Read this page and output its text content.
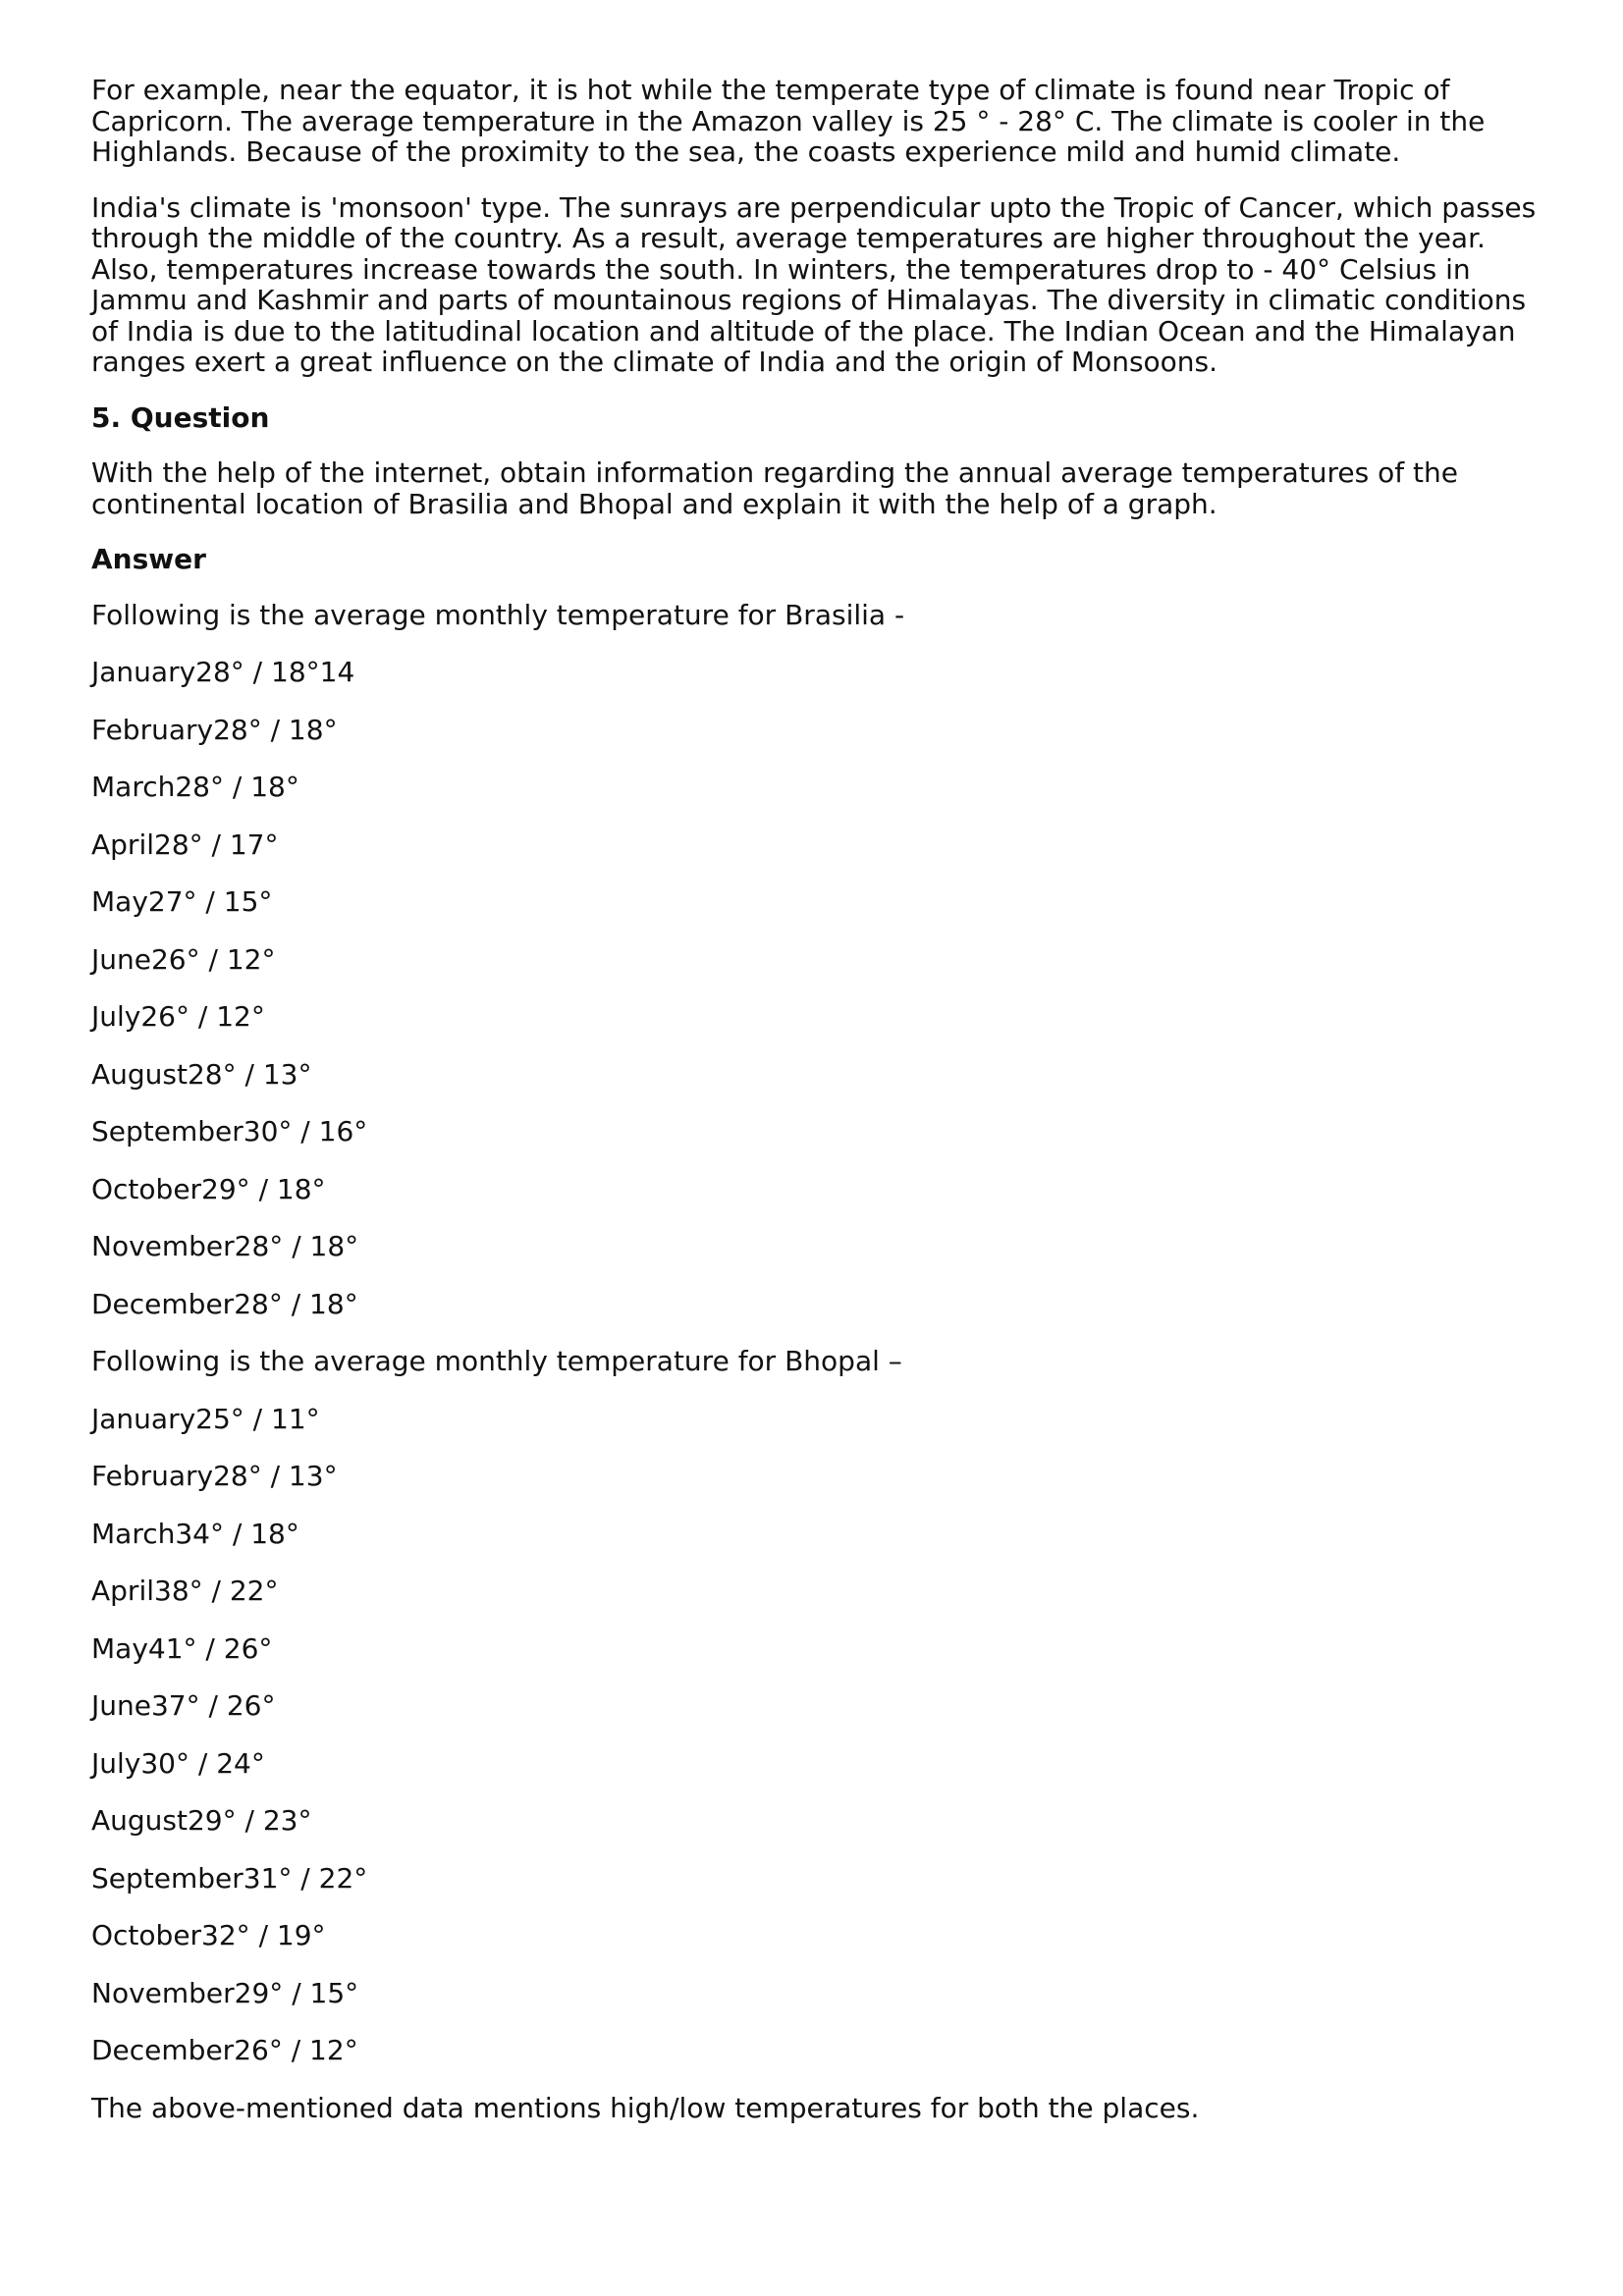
For example, near the equator, it is hot while the temperate type of climate is found near Tropic of Capricorn. The average temperature in the Amazon valley is 25 ° - 28° C. The climate is cooler in the Highlands. Because of the proximity to the sea, the coasts experience mild and humid climate.

India's climate is 'monsoon' type. The sunrays are perpendicular upto the Tropic of Cancer, which passes through the middle of the country. As a result, average temperatures are higher throughout the year. Also, temperatures increase towards the south. In winters, the temperatures drop to - 40° Celsius in Jammu and Kashmir and parts of mountainous regions of Himalayas. The diversity in climatic conditions of India is due to the latitudinal location and altitude of the place. The Indian Ocean and the Himalayan ranges exert a great influence on the climate of India and the origin of Monsoons.

5. Question

With the help of the internet, obtain information regarding the annual average temperatures of the continental location of Brasilia and Bhopal and explain it with the help of a graph.

Answer

Following is the average monthly temperature for Brasilia -

January28° / 18°14

February28° / 18°

March28° / 18°

April28° / 17°

May27° / 15°

June26° / 12°

July26° / 12°

August28° / 13°

September30° / 16°

October29° / 18°

November28° / 18°

December28° / 18°

Following is the average monthly temperature for Bhopal –

January25° / 11°

February28° / 13°

March34° / 18°

April38° / 22°

May41° / 26°

June37° / 26°

July30° / 24°

August29° / 23°

September31° / 22°

October32° / 19°

November29° / 15°

December26° / 12°

The above-mentioned data mentions high/low temperatures for both the places.
